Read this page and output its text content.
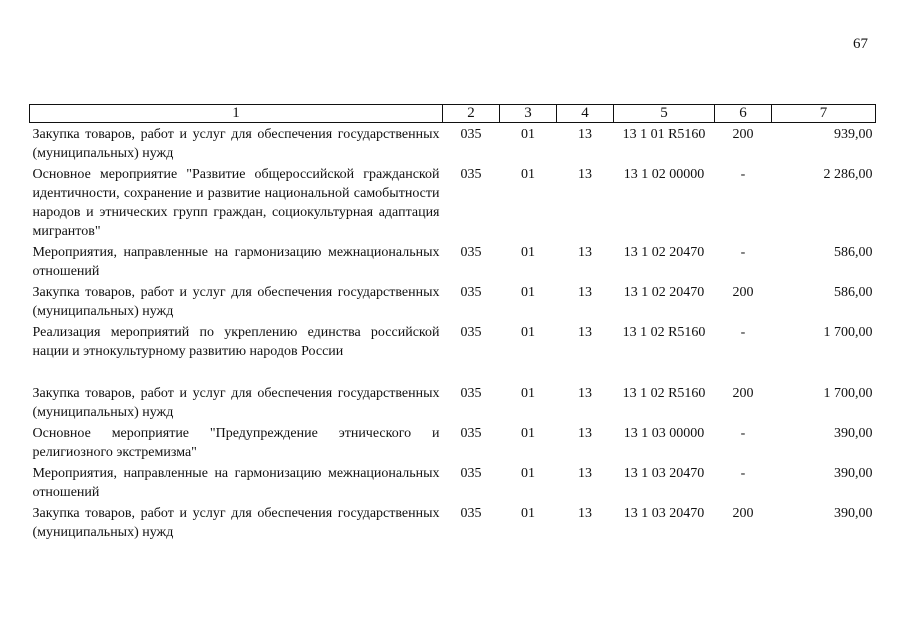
67
1	2	3	4	5	6	7
Закупка товаров, работ и услуг для обеспечения государственных (муниципальных) нужд	035	01	13	13 1 01 R5160	200	939,00
Основное мероприятие "Развитие общероссийской гражданской идентичности, сохранение и развитие национальной самобытности народов и этнических групп граждан, социокультурная адаптация мигрантов"	035	01	13	13 1 02 00000	-	2 286,00
Мероприятия, направленные на гармонизацию межнациональных отношений	035	01	13	13 1 02 20470	-	586,00
Закупка товаров, работ и услуг для обеспечения государственных (муниципальных) нужд	035	01	13	13 1 02 20470	200	586,00
Реализация мероприятий по укреплению единства российской нации и этнокультурному развитию народов России	035	01	13	13 1 02 R5160	-	1 700,00

Закупка товаров, работ и услуг для обеспечения государственных (муниципальных) нужд	035	01	13	13 1 02 R5160	200	1 700,00
Основное мероприятие "Предупреждение этнического и религиозного экстремизма"	035	01	13	13 1 03 00000	-	390,00
Мероприятия, направленные на гармонизацию межнациональных отношений	035	01	13	13 1 03 20470	-	390,00
Закупка товаров, работ и услуг для обеспечения государственных (муниципальных) нужд	035	01	13	13 1 03 20470	200	390,00
